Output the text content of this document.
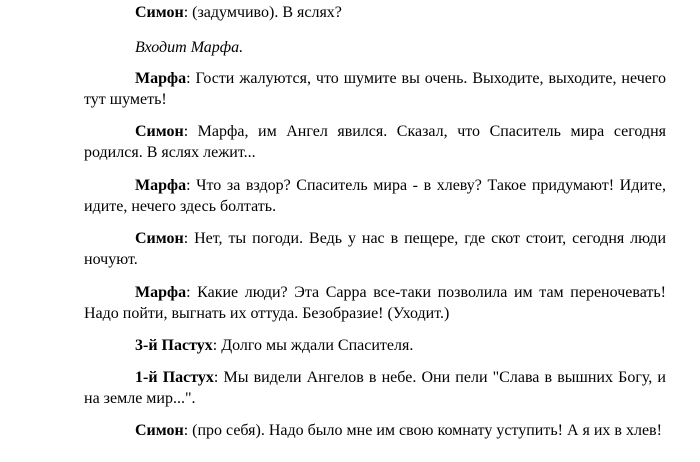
Симон: (задумчиво). В яслях?

Входит Марфа.

Марфа: Гости жалуются, что шумите вы очень. Выходите, выходите, нечего тут шуметь!

Симон: Марфа, им Ангел явился. Сказал, что Спаситель мира сегодня родился. В яслях лежит...

Марфа: Что за вздор? Спаситель мира - в хлеву? Такое придумают! Идите, идите, нечего здесь болтать.

Симон: Нет, ты погоди. Ведь у нас в пещере, где скот стоит, сегодня люди ночуют.

Марфа: Какие люди? Эта Сарра все-таки позволила им там переночевать! Надо пойти, выгнать их оттуда. Безобразие! (Уходит.)

3-й Пастух: Долго мы ждали Спасителя.

1-й Пастух: Мы видели Ангелов в небе. Они пели "Слава в вышних Богу, и на земле мир...".

Симон: (про себя). Надо было мне им свою комнату уступить! А я их в хлев!
